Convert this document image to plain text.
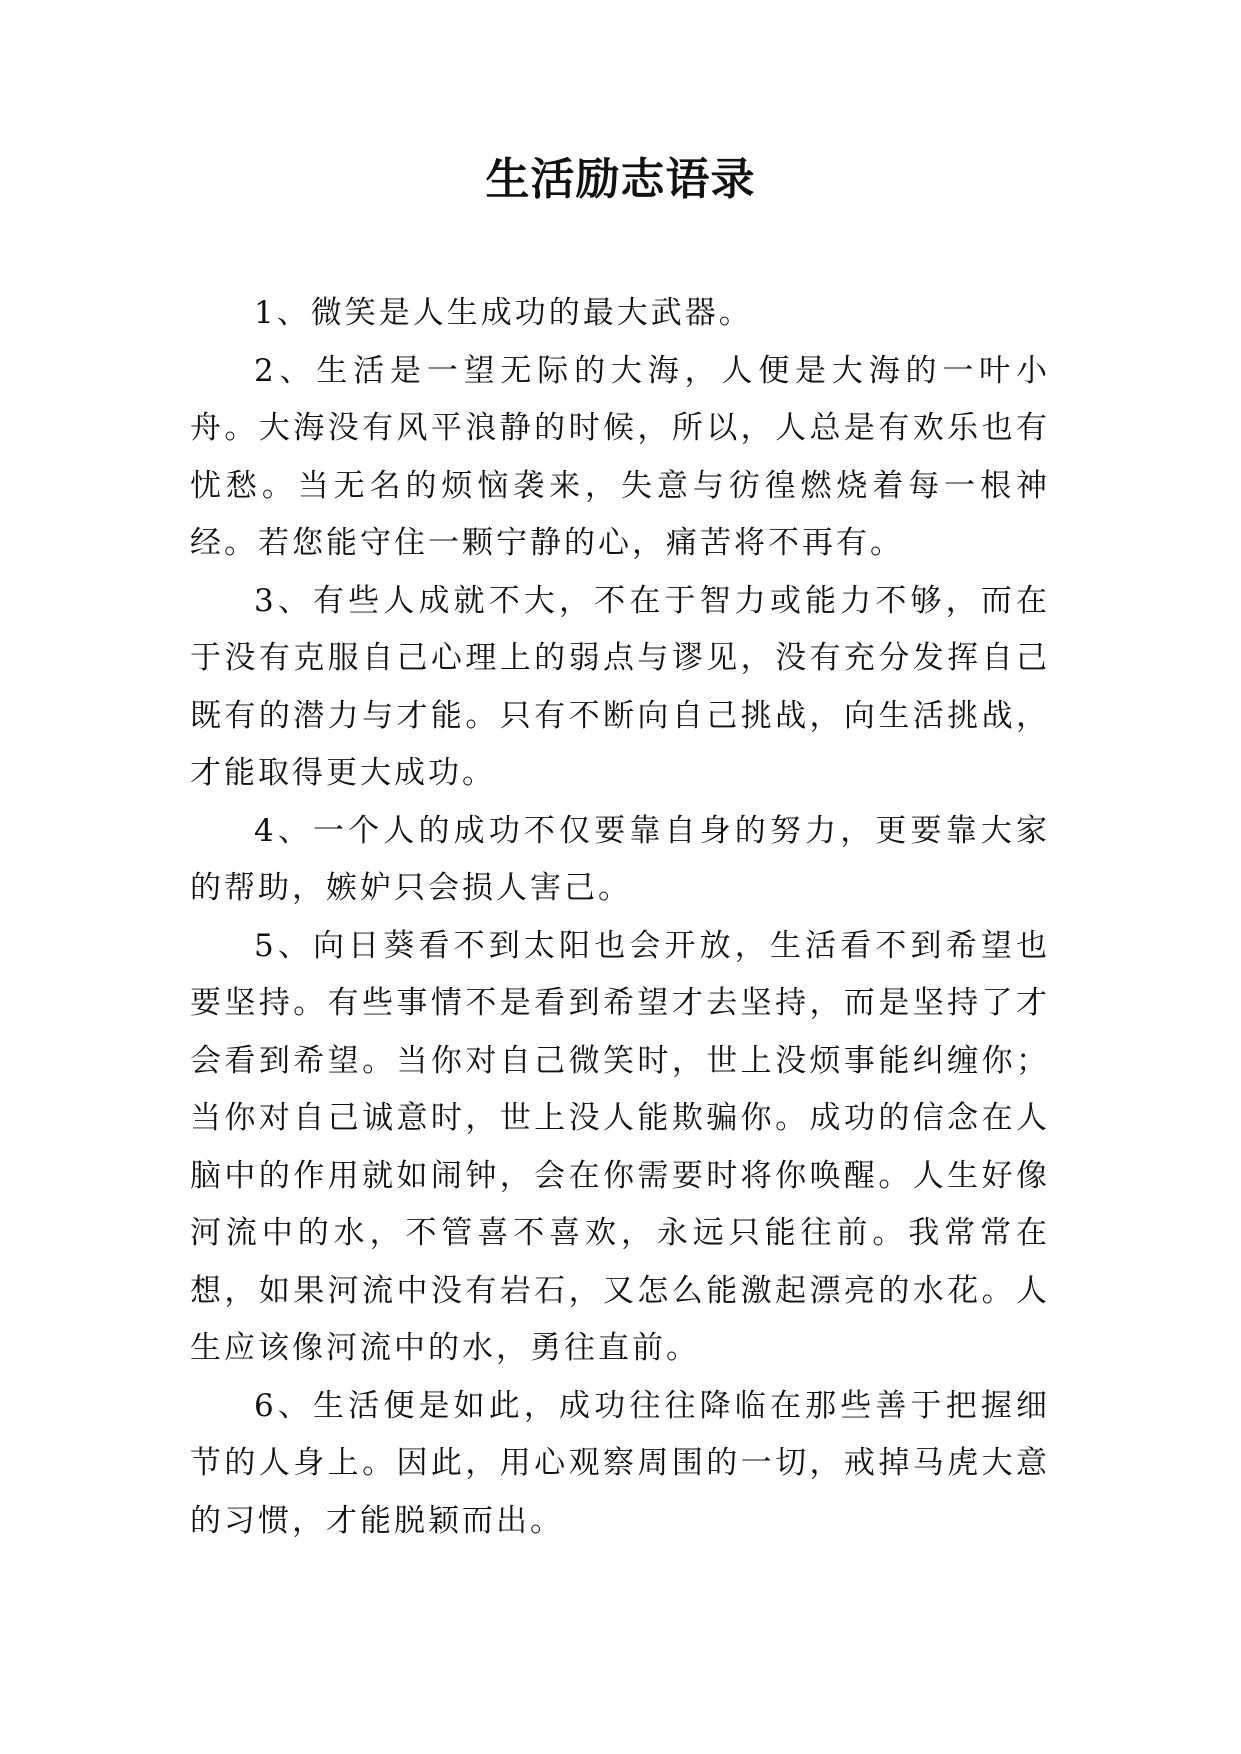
生活励志语录

1、微笑是人生成功的最大武器。

2、生活是一望无际的大海，人便是大海的一叶小舟。大海没有风平浪静的时候，所以，人总是有欢乐也有忧愁。当无名的烦恼袭来，失意与彷徨燃烧着每一根神经。若您能守住一颗宁静的心，痛苦将不再有。

3、有些人成就不大，不在于智力或能力不够，而在于没有克服自己心理上的弱点与谬见，没有充分发挥自己既有的潜力与才能。只有不断向自己挑战，向生活挑战，才能取得更大成功。

4、一个人的成功不仅要靠自身的努力，更要靠大家的帮助，嫉妒只会损人害己。

5、向日葵看不到太阳也会开放，生活看不到希望也要坚持。有些事情不是看到希望才去坚持，而是坚持了才会看到希望。当你对自己微笑时，世上没烦事能纠缠你；当你对自己诚意时，世上没人能欺骗你。成功的信念在人脑中的作用就如闹钟，会在你需要时将你唤醒。人生好像河流中的水，不管喜不喜欢，永远只能往前。我常常在想，如果河流中没有岩石，又怎么能激起漂亮的水花。人生应该像河流中的水，勇往直前。

6、生活便是如此，成功往往降临在那些善于把握细节的人身上。因此，用心观察周围的一切，戒掉马虎大意的习惯，才能脱颖而出。
